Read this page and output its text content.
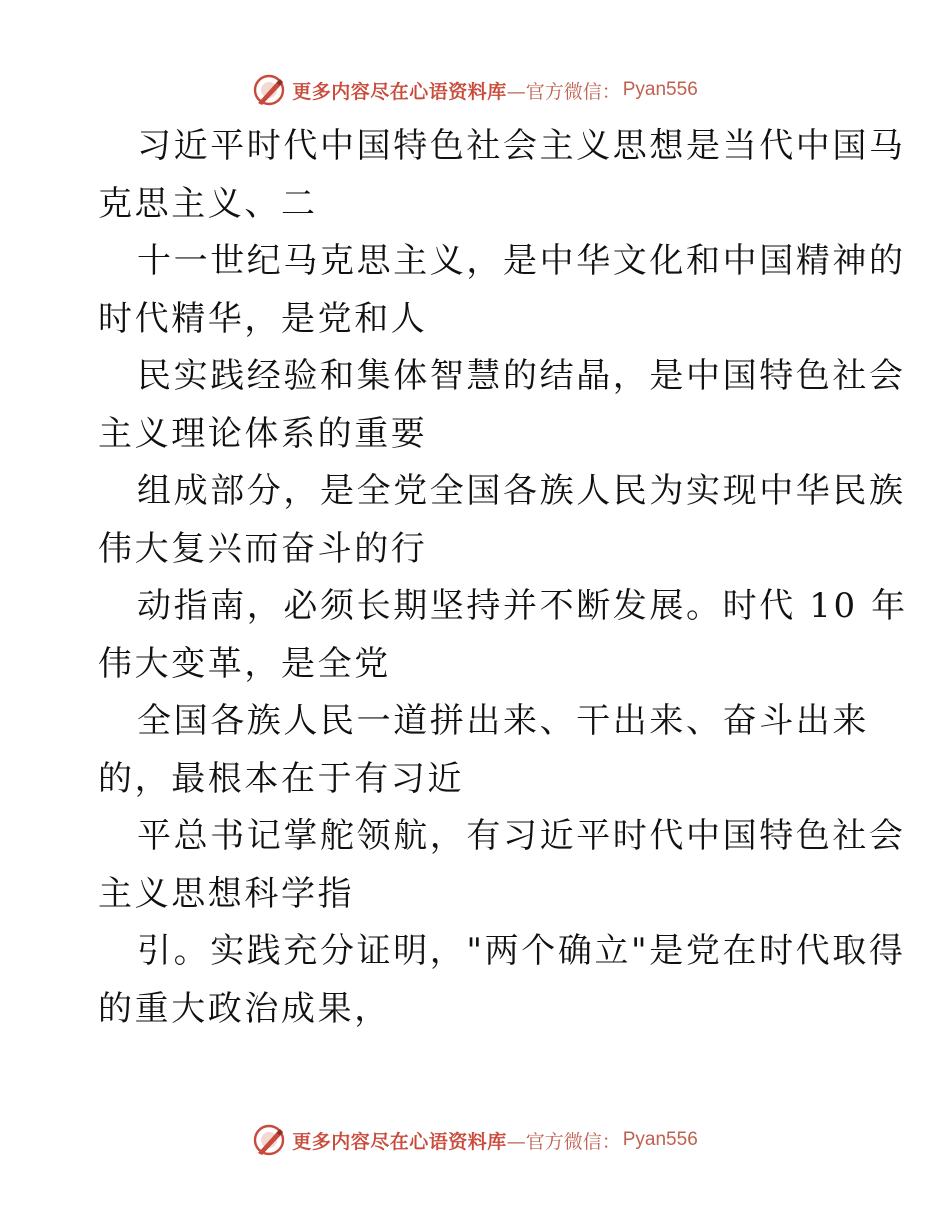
更多内容尽在心语资料库 —官方微信： Pyan556

习近平时代中国特色社会主义思想是当代中国马
克思主义、二

十一世纪马克思主义，是中华文化和中国精神的
时代精华，是党和人

民实践经验和集体智慧的结晶，是中国特色社会
主义理论体系的重要

组成部分，是全党全国各族人民为实现中华民族
伟大复兴而奋斗的行

动指南，必须长期坚持并不断发展。时代 10 年
伟大变革，是全党

全国各族人民一道拼出来、干出来、奋斗出来
的，最根本在于有习近

平总书记掌舵领航，有习近平时代中国特色社会
主义思想科学指

引。实践充分证明，"两个确立"是党在时代取得
的重大政治成果，

更多内容尽在心语资料库 —官方微信： Pyan556
